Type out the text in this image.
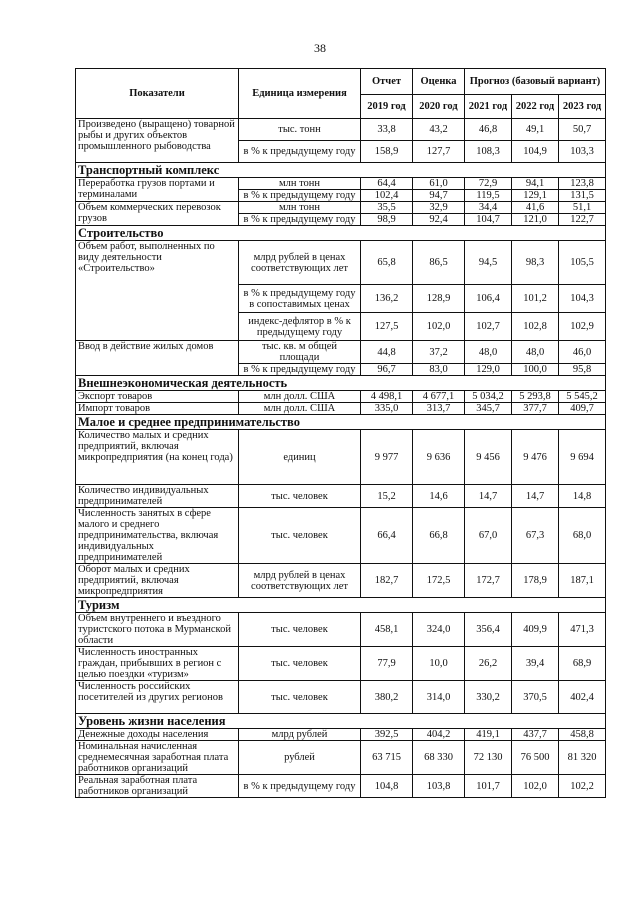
38
Показатели	Единица измерения	Отчет	Оценка	Прогноз (базовый вариант)		
		2019 год	2020 год	2021 год	2022 год	2023 год
Произведено (выращено) товарной рыбы и других объектов промышленного рыбоводства	тыс. тонн	33,8	43,2	46,8	49,1	50,7
	в % к предыдущему году	158,9	127,7	108,3	104,9	103,3
Транспортный комплекс						
Переработка грузов портами и терминалами	млн тонн	64,4	61,0	72,9	94,1	123,8
	в % к предыдущему году	102,4	94,7	119,5	129,1	131,5
Объем коммерческих перевозок грузов	млн тонн	35,5	32,9	34,4	41,6	51,1
	в % к предыдущему году	98,9	92,4	104,7	121,0	122,7
Строительство						
Объем работ, выполненных по виду деятельности «Строительство»	млрд рублей в ценах соответствующих лет	65,8	86,5	94,5	98,3	105,5
	в % к предыдущему году в сопоставимых ценах	136,2	128,9	106,4	101,2	104,3
	индекс-дефлятор в % к предыдущему году	127,5	102,0	102,7	102,8	102,9
Ввод в действие жилых домов	тыс. кв. м общей площади	44,8	37,2	48,0	48,0	46,0
	в % к предыдущему году	96,7	83,0	129,0	100,0	95,8
Внешнеэкономическая деятельность						
Экспорт товаров	млн долл. США	4 498,1	4 677,1	5 034,2	5 293,8	5 545,2
Импорт товаров	млн долл. США	335,0	313,7	345,7	377,7	409,7
Малое и среднее предпринимательство						
Количество малых и средних предприятий, включая микропредприятия (на конец года)	единиц	9 977	9 636	9 456	9 476	9 694
Количество индивидуальных предпринимателей	тыс. человек	15,2	14,6	14,7	14,7	14,8
Численность занятых в сфере малого и среднего предпринимательства, включая индивидуальных предпринимателей	тыс. человек	66,4	66,8	67,0	67,3	68,0
Оборот малых и средних предприятий, включая микропредприятия	млрд рублей в ценах соответствующих лет	182,7	172,5	172,7	178,9	187,1
Туризм						
Объем внутреннего и въездного туристского потока в Мурманской области	тыс. человек	458,1	324,0	356,4	409,9	471,3
Численность иностранных граждан, прибывших в регион с целью поездки «туризм»	тыс. человек	77,9	10,0	26,2	39,4	68,9
Численность российских посетителей из других регионов	тыс. человек	380,2	314,0	330,2	370,5	402,4
Уровень жизни населения						
Денежные доходы населения	млрд рублей	392,5	404,2	419,1	437,7	458,8
Номинальная начисленная среднемесячная заработная плата работников организаций	рублей	63 715	68 330	72 130	76 500	81 320
Реальная заработная плата работников организаций	в % к предыдущему году	104,8	103,8	101,7	102,0	102,2
